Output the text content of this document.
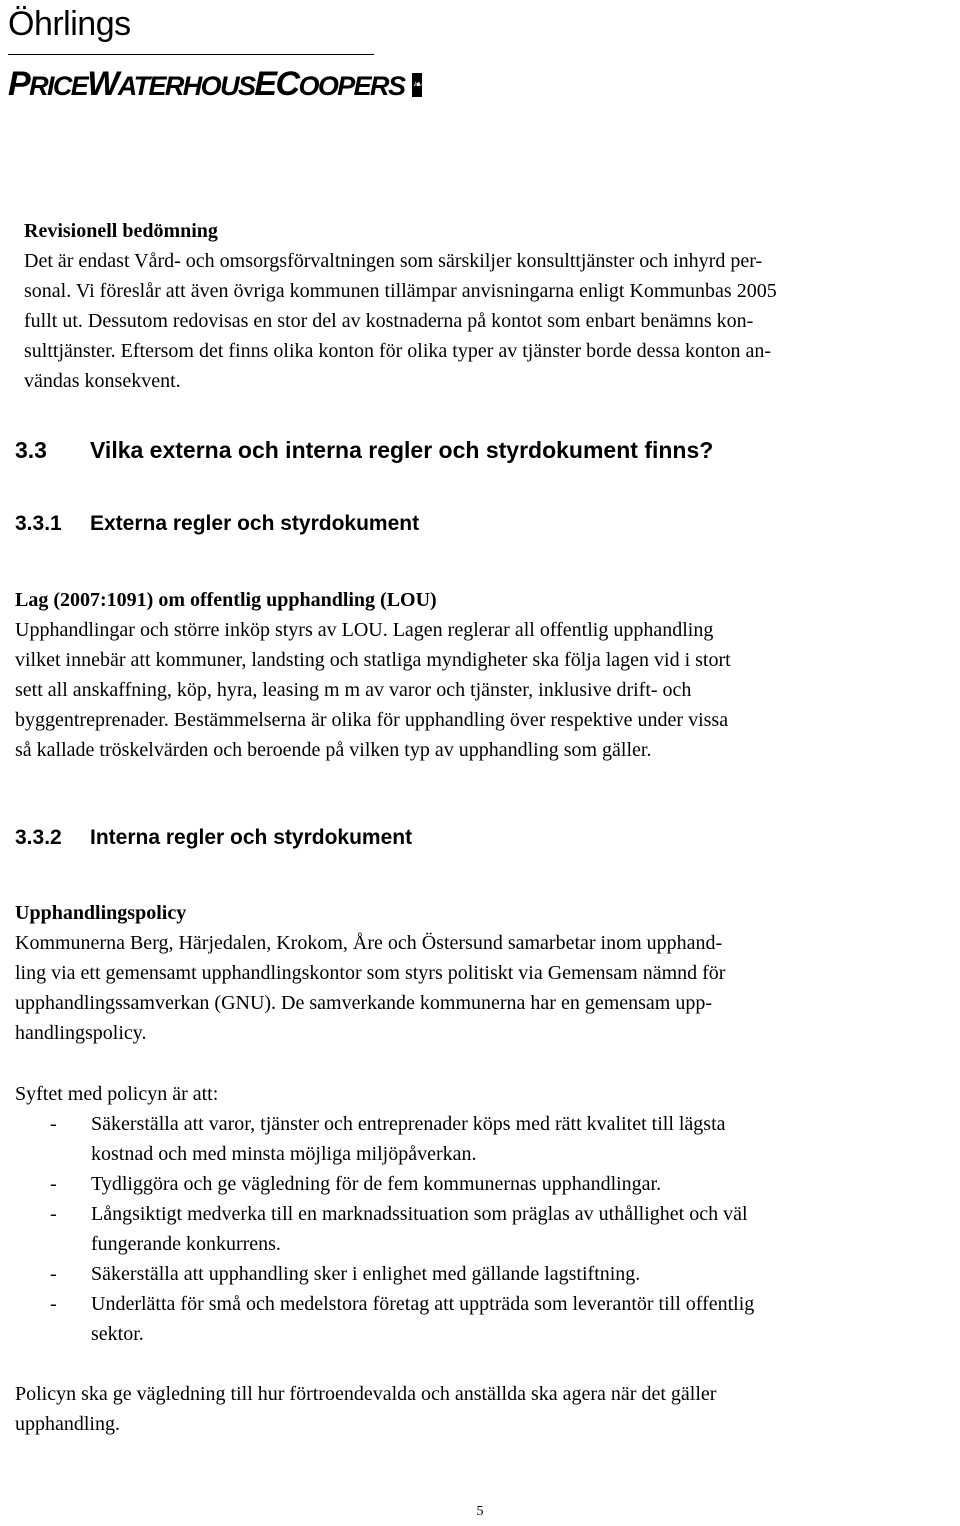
Öhrlings
PRICEWATERHOUSECOOPERS ❧

Revisionell bedömning

Det är endast Vård- och omsorgsförvaltningen som särskiljer konsulttjänster och inhyrd per-

sonal. Vi föreslår att även övriga kommunen tillämpar anvisningarna enligt Kommunbas 2005

fullt ut. Dessutom redovisas en stor del av kostnaderna på kontot som enbart benämns kon-

sulttjänster. Eftersom det finns olika konton för olika typer av tjänster borde dessa konton an-

vändas konsekvent.

3.3 Vilka externa och interna regler och styrdokument finns?
3.3.1 Externa regler och styrdokument

Lag (2007:1091) om offentlig upphandling (LOU)

Upphandlingar och större inköp styrs av LOU. Lagen reglerar all offentlig upphandling

vilket innebär att kommuner, landsting och statliga myndigheter ska följa lagen vid i stort

sett all anskaffning, köp, hyra, leasing m m av varor och tjänster, inklusive drift- och

byggentreprenader. Bestämmelserna är olika för upphandling över respektive under vissa

så kallade tröskelvärden och beroende på vilken typ av upphandling som gäller.

3.3.2 Interna regler och styrdokument

Upphandlingspolicy

Kommunerna Berg, Härjedalen, Krokom, Åre och Östersund samarbetar inom upphand-

ling via ett gemensamt upphandlingskontor som styrs politiskt via Gemensam nämnd för

upphandlingssamverkan (GNU). De samverkande kommunerna har en gemensam upp-

handlingspolicy.

Syftet med policyn är att:

- Säkerställa att varor, tjänster och entreprenader köps med rätt kvalitet till lägsta
kostnad och med minsta möjliga miljöpåverkan.
- Tydliggöra och ge vägledning för de fem kommunernas upphandlingar.
- Långsiktigt medverka till en marknadssituation som präglas av uthållighet och väl
fungerande konkurrens.
- Säkerställa att upphandling sker i enlighet med gällande lagstiftning.
- Underlätta för små och medelstora företag att uppträda som leverantör till offentlig
sektor.

Policyn ska ge vägledning till hur förtroendevalda och anställda ska agera när det gäller

upphandling.

5
